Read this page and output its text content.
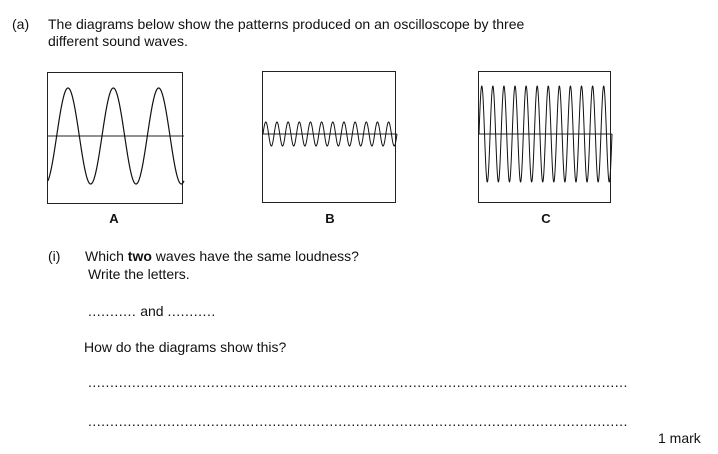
(a) The diagrams below show the patterns produced on an oscilloscope by three
different sound waves.
A	B	C
(i) Which two waves have the same loudness?
Write the letters.
........... and ...........
How do the diagrams show this?
...........................................................................................................................
...........................................................................................................................
1 mark
